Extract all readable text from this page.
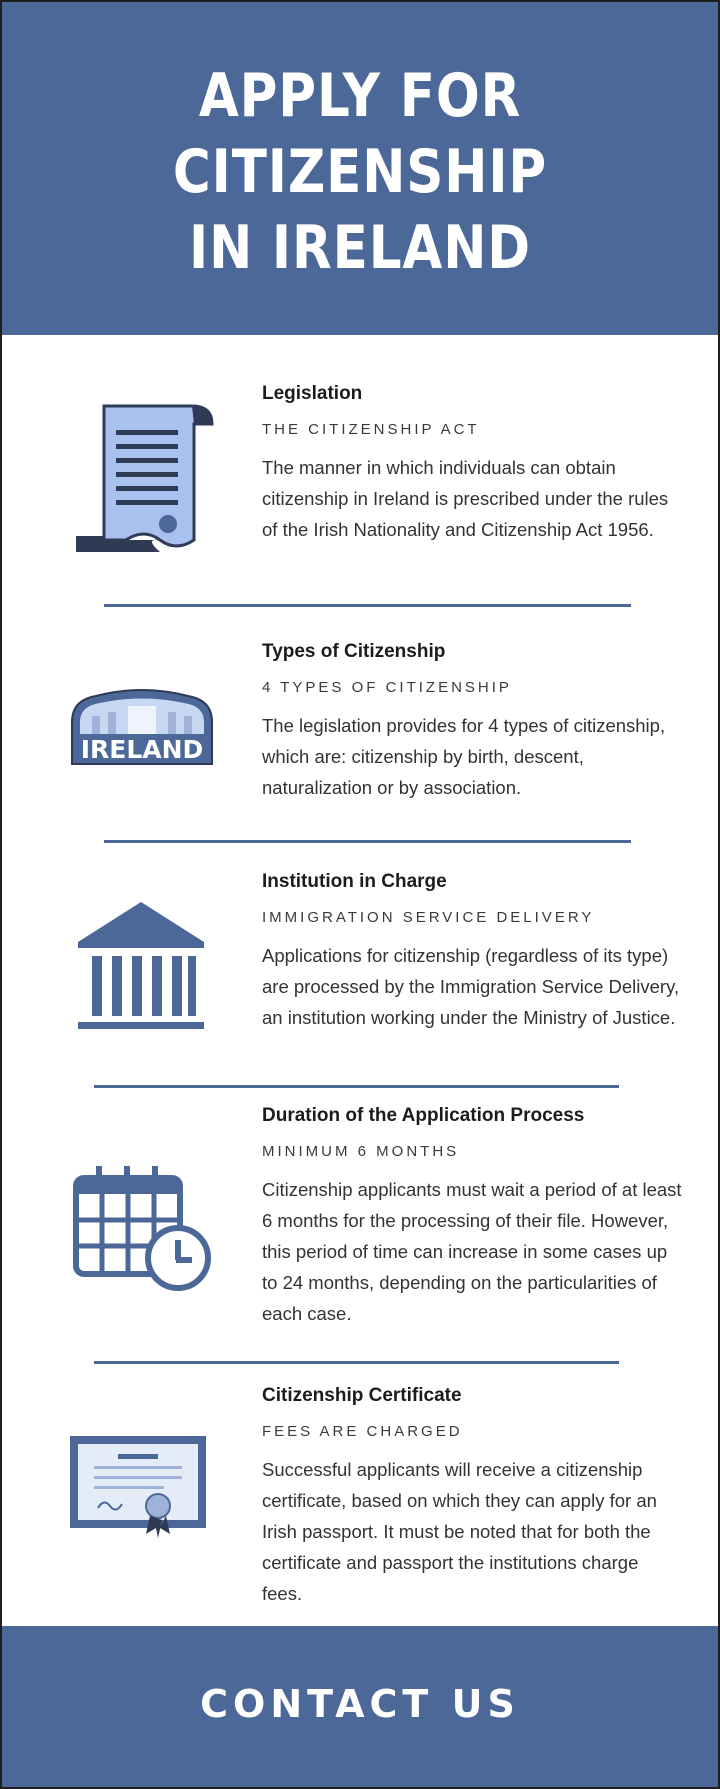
APPLY FOR CITIZENSHIP
IN IRELAND

Legislation

THE CITIZENSHIP ACT
The manner in which individuals can obtain citizenship in Ireland is prescribed under the rules of the Irish Nationality and Citizenship Act 1956.
IRELAND

Types of Citizenship

4 TYPES OF CITIZENSHIP
The legislation provides for 4 types of citizenship, which are: citizenship by birth, descent, naturalization or by association.

Institution in Charge

IMMIGRATION SERVICE DELIVERY
Applications for citizenship (regardless of its type) are processed by the Immigration Service Delivery, an institution working under the Ministry of Justice.

Duration of the Application Process

MINIMUM 6 MONTHS
Citizenship applicants must wait a period of at least 6 months for the processing of their file. However, this period of time can increase in some cases up to 24 months, depending on the particularities of each case.

Citizenship Certificate

FEES ARE CHARGED
Successful applicants will receive a citizenship certificate, based on which they can apply for an Irish passport. It must be noted that for both the certificate and passport the institutions charge fees.
CONTACT US
